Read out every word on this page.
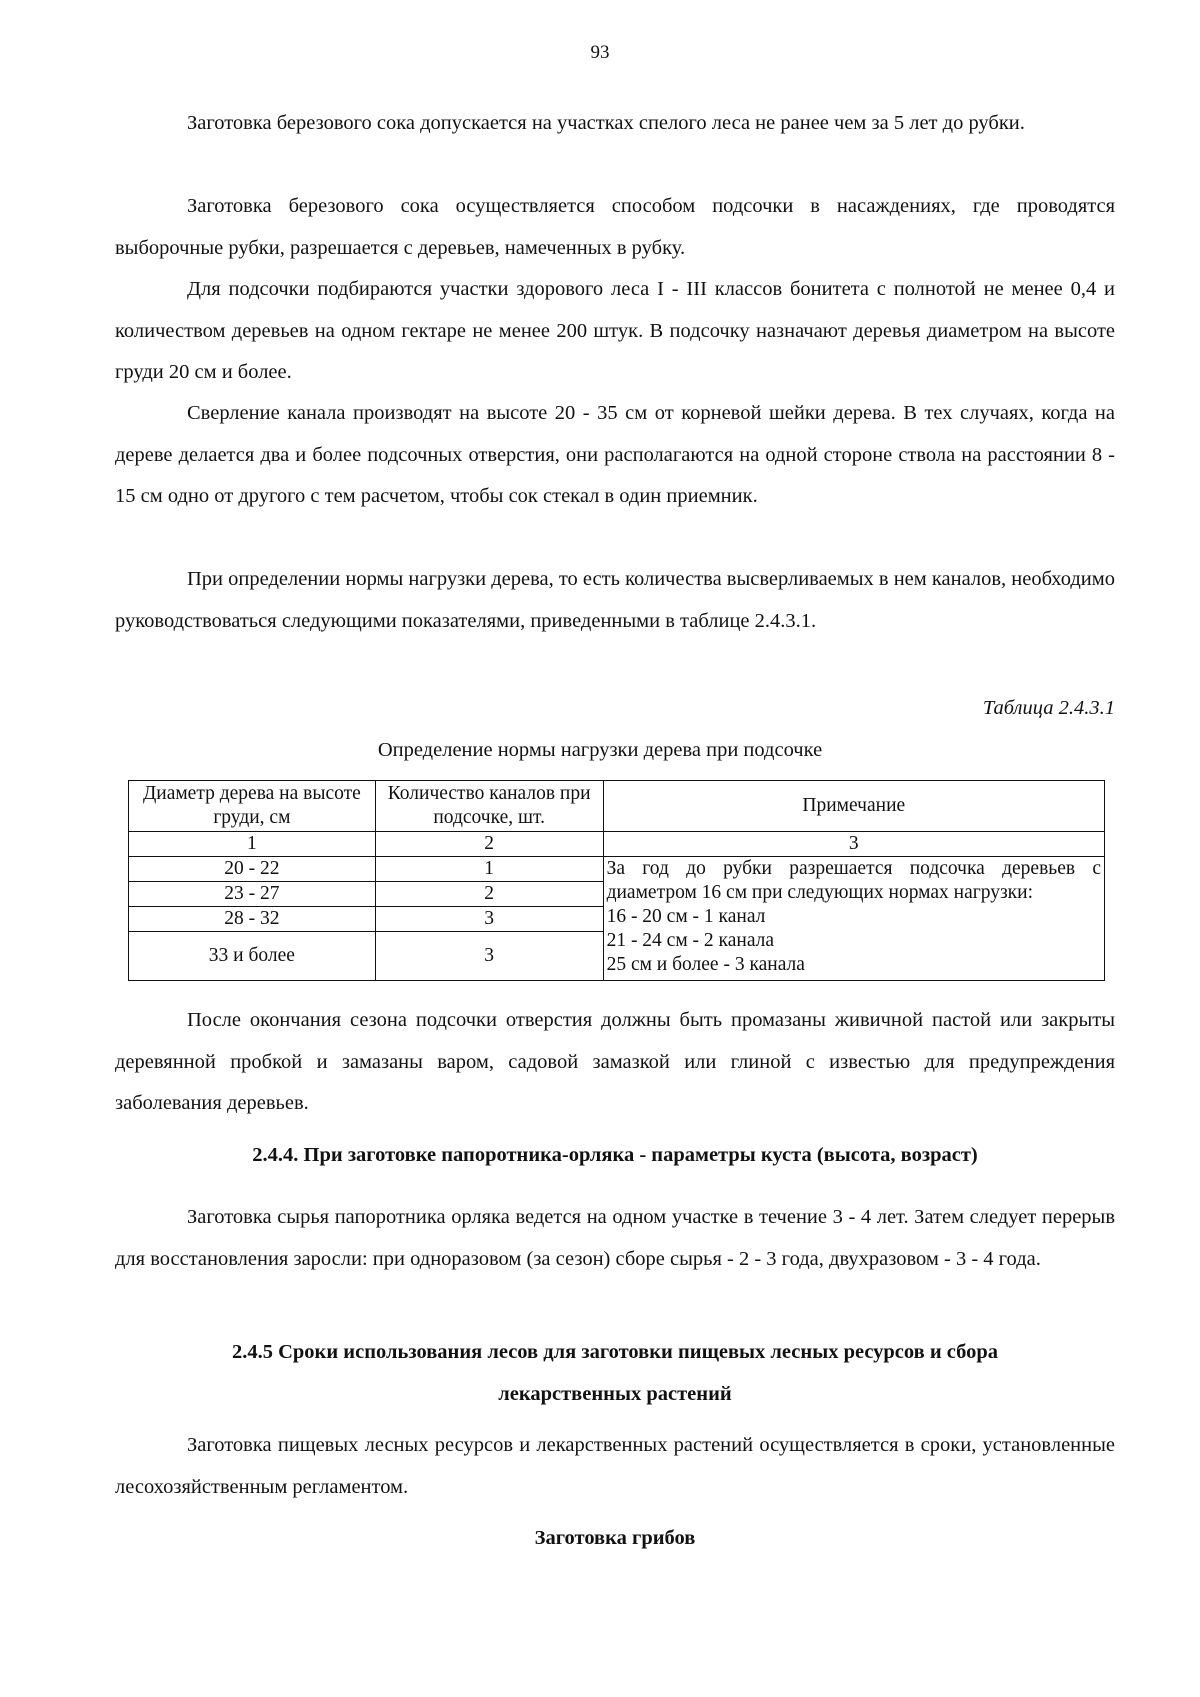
93

Заготовка березового сока допускается на участках спелого леса не ранее чем за 5 лет до рубки.

Заготовка березового сока осуществляется способом подсочки в насаждениях, где проводятся выборочные рубки, разрешается с деревьев, намеченных в рубку.

Для подсочки подбираются участки здорового леса I - III классов бонитета с полнотой не менее 0,4 и количеством деревьев на одном гектаре не менее 200 штук. В подсочку назначают деревья диаметром на высоте груди 20 см и более.

Сверление канала производят на высоте 20 - 35 см от корневой шейки дерева. В тех случаях, когда на дереве делается два и более подсочных отверстия, они располагаются на одной стороне ствола на расстоянии 8 - 15 см одно от другого с тем расчетом, чтобы сок стекал в один приемник.

При определении нормы нагрузки дерева, то есть количества высверливаемых в нем каналов, необходимо руководствоваться следующими показателями, приведенными в таблице 2.4.3.1.

Таблица 2.4.3.1
Определение нормы нагрузки дерева при подсочке
Диаметр дерева на высоте груди, см	Количество каналов при подсочке, шт.	Примечание
1	2	3
20 - 22	1	За год до рубки разрешается подсочка деревьев с диаметром 16 см при следующих нормах нагрузки:
16 - 20 см - 1 канал
21 - 24 см - 2 канала
25 см и более - 3 канала

23 - 27	2	
28 - 32	3	
33 и более	3	

После окончания сезона подсочки отверстия должны быть промазаны живичной пастой или закрыты деревянной пробкой и замазаны варом, садовой замазкой или глиной с известью для предупреждения заболевания деревьев.

2.4.4. При заготовке папоротника-орляка - параметры куста (высота, возраст)

Заготовка сырья папоротника орляка ведется на одном участке в течение 3 - 4 лет. Затем следует перерыв для восстановления заросли: при одноразовом (за сезон) сборе сырья - 2 - 3 года, двухразовом - 3 - 4 года.

2.4.5 Сроки использования лесов для заготовки пищевых лесных ресурсов и сбора лекарственных растений

Заготовка пищевых лесных ресурсов и лекарственных растений осуществляется в сроки, установленные лесохозяйственным регламентом.

Заготовка грибов
